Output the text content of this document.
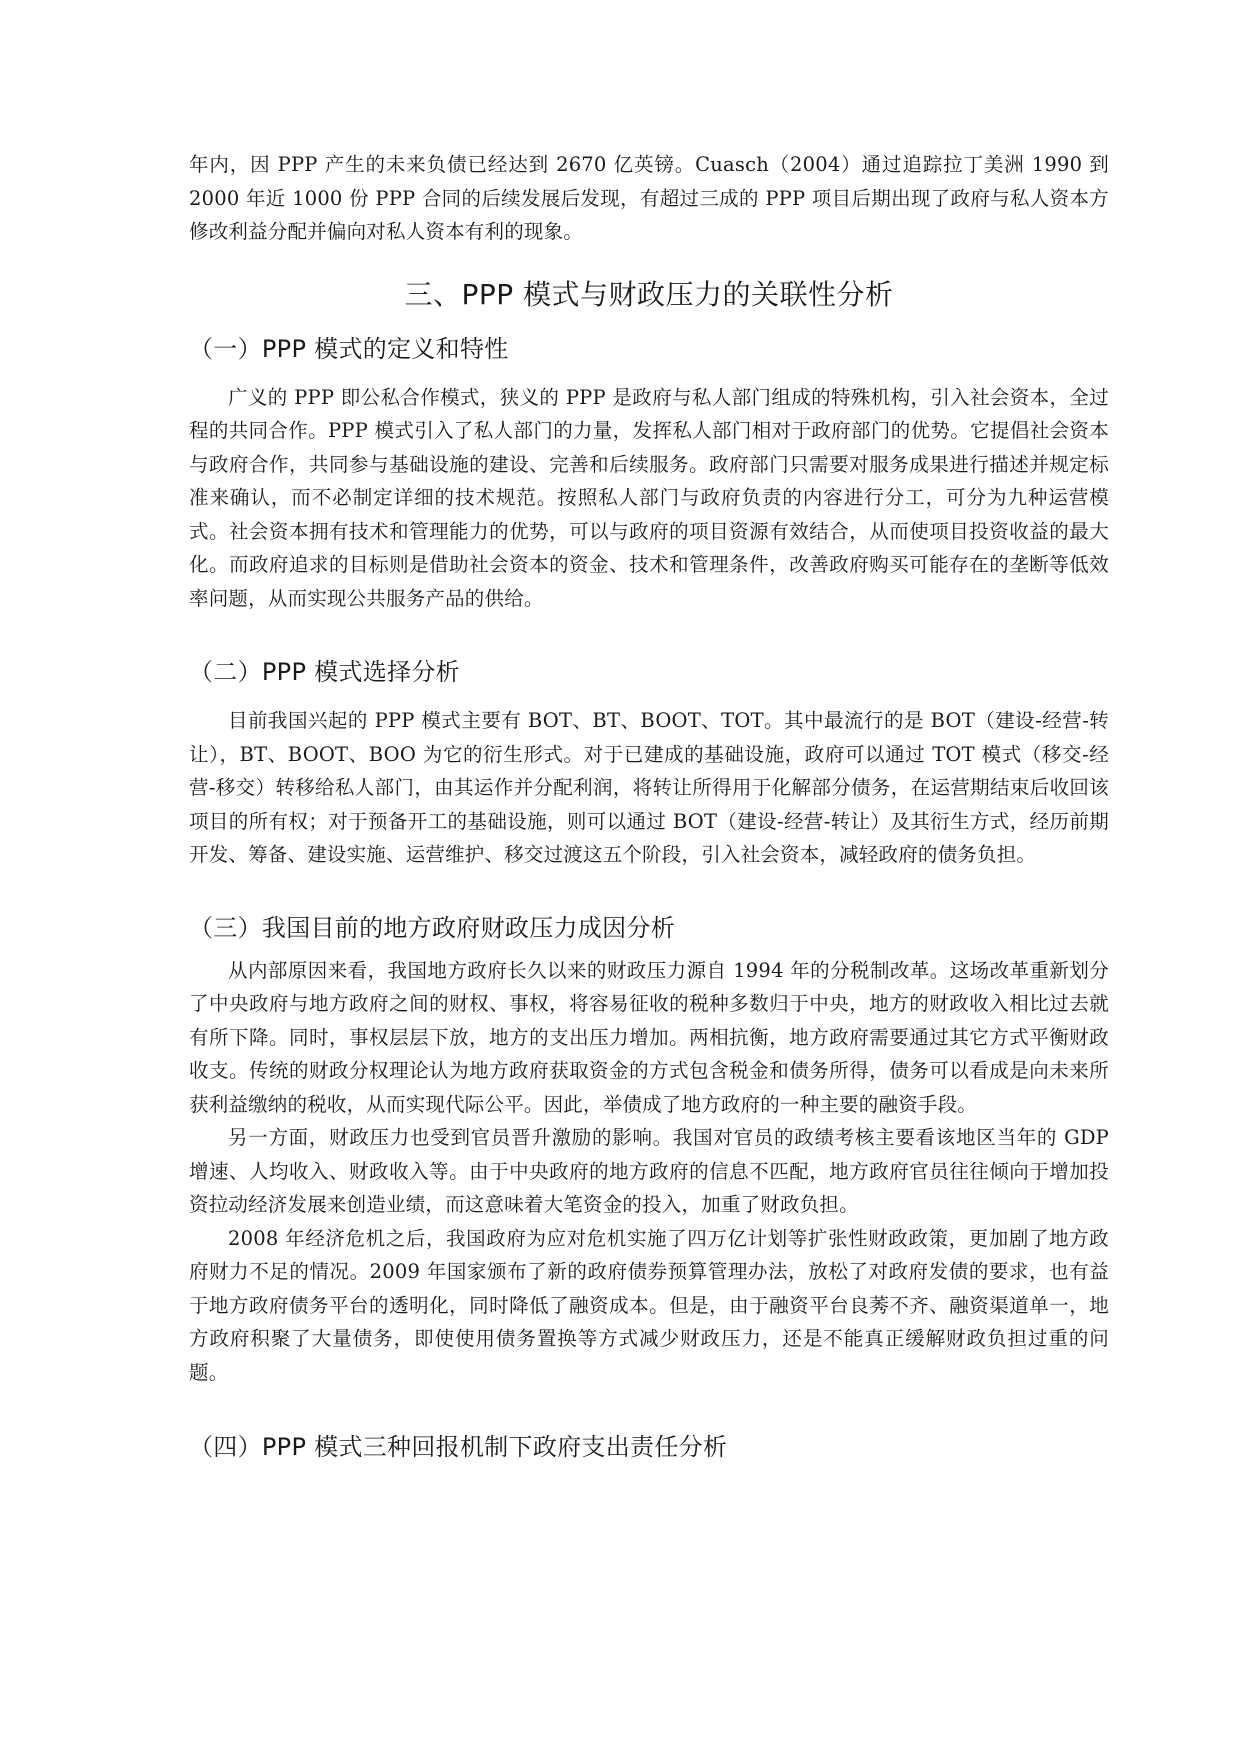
年内，因 PPP 产生的未来负债已经达到 2670 亿英镑。Cuasch（2004）通过追踪拉丁美洲 1990 到 2000 年近 1000 份 PPP 合同的后续发展后发现，有超过三成的 PPP 项目后期出现了政府与私人资本方修改利益分配并偏向对私人资本有利的现象。

三、PPP 模式与财政压力的关联性分析
（一）PPP 模式的定义和特性

广义的 PPP 即公私合作模式，狭义的 PPP 是政府与私人部门组成的特殊机构，引入社会资本，全过程的共同合作。PPP 模式引入了私人部门的力量，发挥私人部门相对于政府部门的优势。它提倡社会资本与政府合作，共同参与基础设施的建设、完善和后续服务。政府部门只需要对服务成果进行描述并规定标准来确认，而不必制定详细的技术规范。按照私人部门与政府负责的内容进行分工，可分为九种运营模式。社会资本拥有技术和管理能力的优势，可以与政府的项目资源有效结合，从而使项目投资收益的最大化。而政府追求的目标则是借助社会资本的资金、技术和管理条件，改善政府购买可能存在的垄断等低效率问题，从而实现公共服务产品的供给。

（二）PPP 模式选择分析

目前我国兴起的 PPP 模式主要有 BOT、BT、BOOT、TOT。其中最流行的是 BOT（建设-经营-转让），BT、BOOT、BOO 为它的衍生形式。对于已建成的基础设施，政府可以通过 TOT 模式（移交-经营-移交）转移给私人部门，由其运作并分配利润，将转让所得用于化解部分债务，在运营期结束后收回该项目的所有权；对于预备开工的基础设施，则可以通过 BOT（建设-经营-转让）及其衍生方式，经历前期开发、筹备、建设实施、运营维护、移交过渡这五个阶段，引入社会资本，减轻政府的债务负担。

（三）我国目前的地方政府财政压力成因分析

从内部原因来看，我国地方政府长久以来的财政压力源自 1994 年的分税制改革。这场改革重新划分了中央政府与地方政府之间的财权、事权，将容易征收的税种多数归于中央，地方的财政收入相比过去就有所下降。同时，事权层层下放，地方的支出压力增加。两相抗衡，地方政府需要通过其它方式平衡财政收支。传统的财政分权理论认为地方政府获取资金的方式包含税金和债务所得，债务可以看成是向未来所获利益缴纳的税收，从而实现代际公平。因此，举债成了地方政府的一种主要的融资手段。

另一方面，财政压力也受到官员晋升激励的影响。我国对官员的政绩考核主要看该地区当年的 GDP 增速、人均收入、财政收入等。由于中央政府的地方政府的信息不匹配，地方政府官员往往倾向于增加投资拉动经济发展来创造业绩，而这意味着大笔资金的投入，加重了财政负担。

2008 年经济危机之后，我国政府为应对危机实施了四万亿计划等扩张性财政政策，更加剧了地方政府财力不足的情况。2009 年国家颁布了新的政府债券预算管理办法，放松了对政府发债的要求，也有益于地方政府债务平台的透明化，同时降低了融资成本。但是，由于融资平台良莠不齐、融资渠道单一，地方政府积聚了大量债务，即使使用债务置换等方式减少财政压力，还是不能真正缓解财政负担过重的问题。

（四）PPP 模式三种回报机制下政府支出责任分析
